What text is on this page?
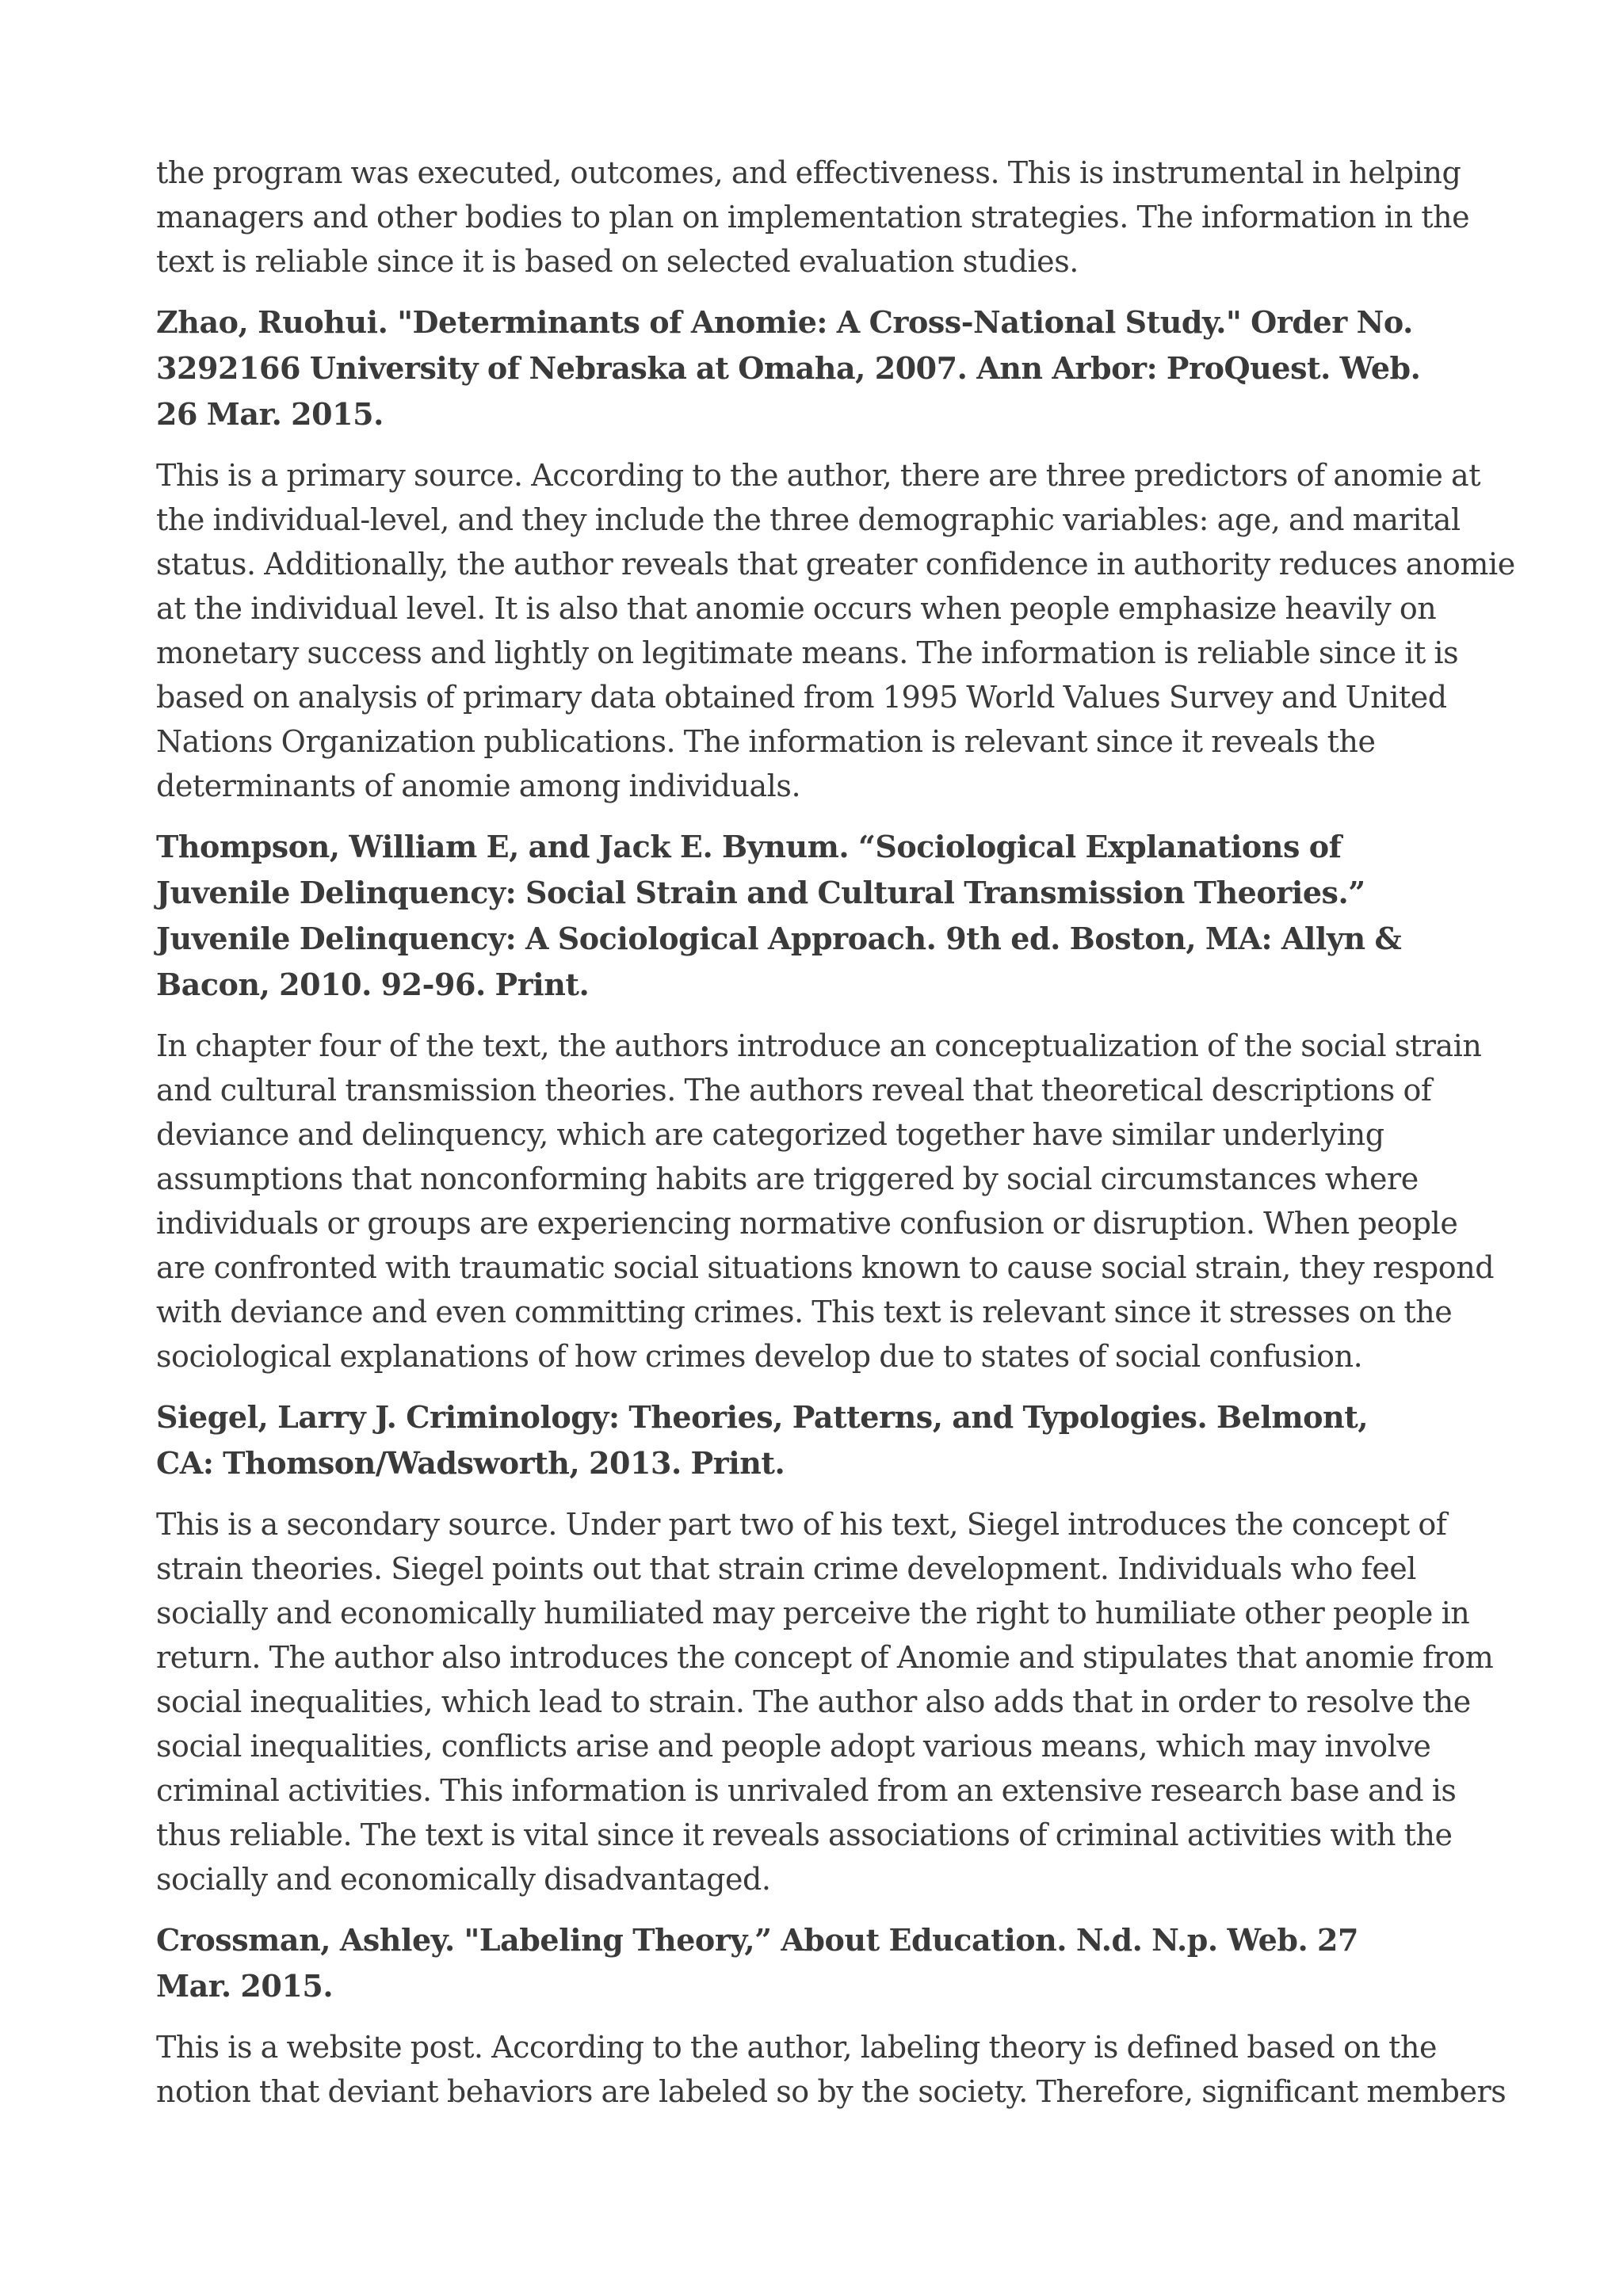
the program was executed, outcomes, and effectiveness. This is instrumental in helping
managers and other bodies to plan on implementation strategies. The information in the
text is reliable since it is based on selected evaluation studies.

Zhao, Ruohui. "Determinants of Anomie: A Cross-National Study." Order No.
3292166 University of Nebraska at Omaha, 2007. Ann Arbor: ProQuest. Web.
26 Mar. 2015.

This is a primary source. According to the author, there are three predictors of anomie at
the individual-level, and they include the three demographic variables: age, and marital
status. Additionally, the author reveals that greater confidence in authority reduces anomie
at the individual level. It is also that anomie occurs when people emphasize heavily on
monetary success and lightly on legitimate means. The information is reliable since it is
based on analysis of primary data obtained from 1995 World Values Survey and United
Nations Organization publications. The information is relevant since it reveals the
determinants of anomie among individuals.

Thompson, William E, and Jack E. Bynum. “Sociological Explanations of
Juvenile Delinquency: Social Strain and Cultural Transmission Theories.”
Juvenile Delinquency: A Sociological Approach. 9th ed. Boston, MA: Allyn &
Bacon, 2010. 92-96. Print.

In chapter four of the text, the authors introduce an conceptualization of the social strain
and cultural transmission theories. The authors reveal that theoretical descriptions of
deviance and delinquency, which are categorized together have similar underlying
assumptions that nonconforming habits are triggered by social circumstances where
individuals or groups are experiencing normative confusion or disruption. When people
are confronted with traumatic social situations known to cause social strain, they respond
with deviance and even committing crimes. This text is relevant since it stresses on the
sociological explanations of how crimes develop due to states of social confusion.

Siegel, Larry J. Criminology: Theories, Patterns, and Typologies. Belmont,
CA: Thomson/Wadsworth, 2013. Print.

This is a secondary source. Under part two of his text, Siegel introduces the concept of
strain theories. Siegel points out that strain crime development. Individuals who feel
socially and economically humiliated may perceive the right to humiliate other people in
return. The author also introduces the concept of Anomie and stipulates that anomie from
social inequalities, which lead to strain. The author also adds that in order to resolve the
social inequalities, conflicts arise and people adopt various means, which may involve
criminal activities. This information is unrivaled from an extensive research base and is
thus reliable. The text is vital since it reveals associations of criminal activities with the
socially and economically disadvantaged.

Crossman, Ashley. "Labeling Theory,” About Education. N.d. N.p. Web. 27
Mar. 2015.

This is a website post. According to the author, labeling theory is defined based on the
notion that deviant behaviors are labeled so by the society. Therefore, significant members
